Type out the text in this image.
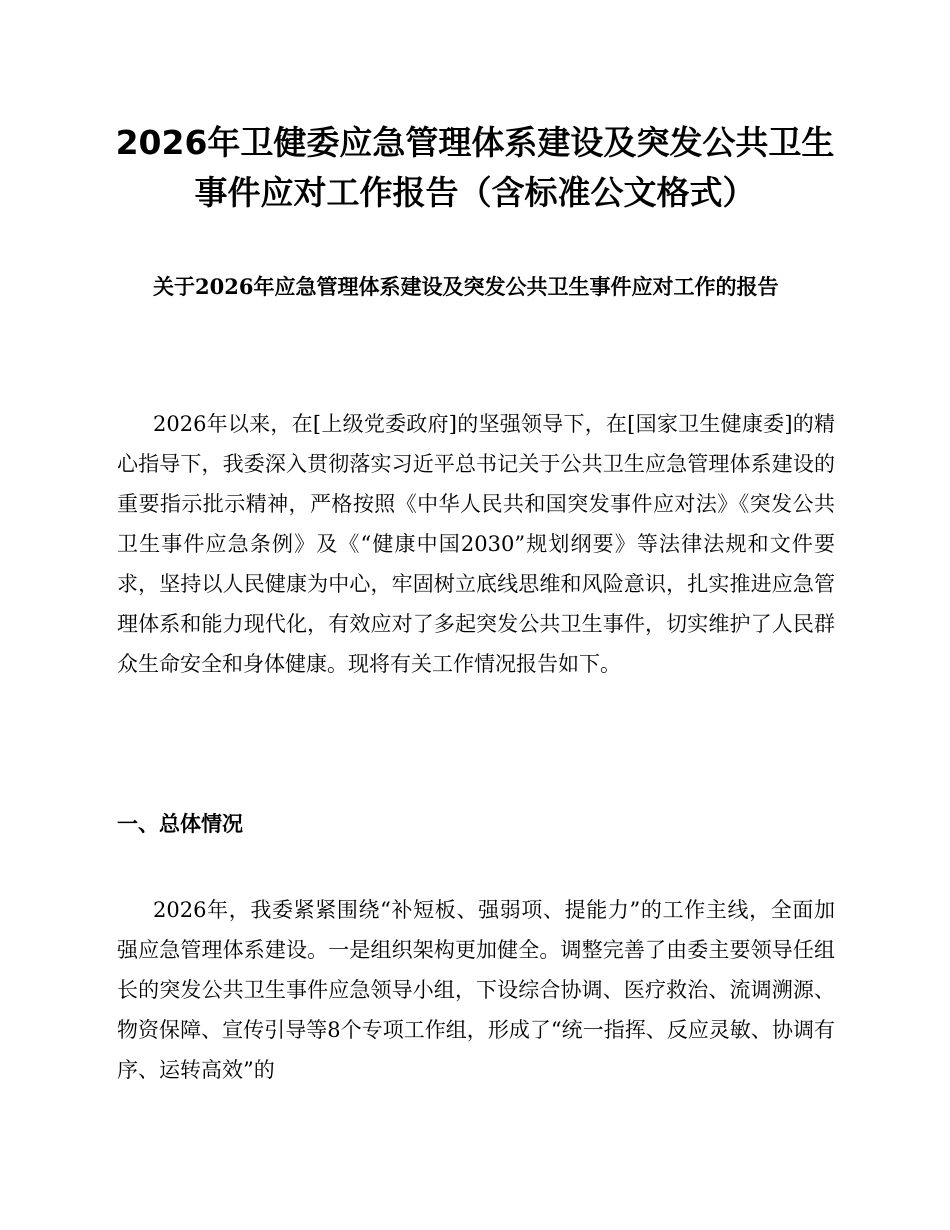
2026年卫健委应急管理体系建设及突发公共卫生事件应对工作报告（含标准公文格式）

关于2026年应急管理体系建设及突发公共卫生事件应对工作的报告

2026年以来，在[上级党委政府]的坚强领导下，在[国家卫生健康委]的精心指导下，我委深入贯彻落实习近平总书记关于公共卫生应急管理体系建设的重要指示批示精神，严格按照《中华人民共和国突发事件应对法》《突发公共卫生事件应急条例》及《“健康中国2030”规划纲要》等法律法规和文件要求，坚持以人民健康为中心，牢固树立底线思维和风险意识，扎实推进应急管理体系和能力现代化，有效应对了多起突发公共卫生事件，切实维护了人民群众生命安全和身体健康。现将有关工作情况报告如下。

一、总体情况

2026年，我委紧紧围绕“补短板、强弱项、提能力”的工作主线，全面加强应急管理体系建设。一是组织架构更加健全。调整完善了由委主要领导任组长的突发公共卫生事件应急领导小组，下设综合协调、医疗救治、流调溯源、物资保障、宣传引导等8个专项工作组，形成了“统一指挥、反应灵敏、协调有序、运转高效”的
